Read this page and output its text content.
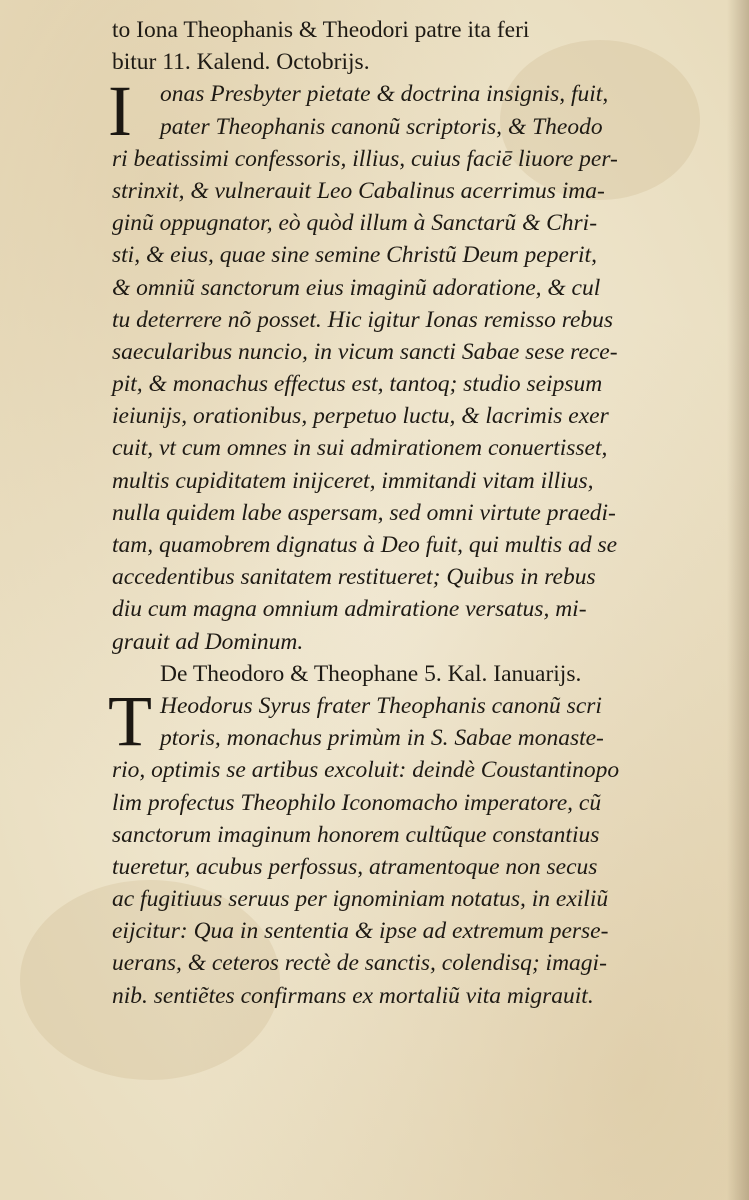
to Iona Theophanis & Theodori patre ita feri
bitur 11. Kalend. Octobrijs.
I	onas Presbyter pietate & doctrina insignis, fuit,
pater Theophanis canonũ scriptoris, & Theodo
ri beatissimi confessoris, illius, cuius faciē liuore per-
strinxit, & vulnerauit Leo Cabalinus acerrimus ima-
ginũ oppugnator, eò quòd illum à Sanctarũ & Chri-
sti, & eius, quae sine semine Christũ Deum peperit,
& omniũ sanctorum eius imaginũ adoratione, & cul
tu deterrere nõ posset. Hic igitur Ionas remisso rebus
saecularibus nuncio, in vicum sancti Sabae sese rece-
pit, & monachus effectus est, tantoq; studio seipsum
ieiunijs, orationibus, perpetuo luctu, & lacrimis exer
cuit, vt cum omnes in sui admirationem conuertisset,
multis cupiditatem inijceret, immitandi vitam illius,
nulla quidem labe aspersam, sed omni virtute praedi-
tam, quamobrem dignatus à Deo fuit, qui multis ad se
accedentibus sanitatem restitueret; Quibus in rebus
diu cum magna omnium admiratione versatus, mi-
grauit ad Dominum.
De Theodoro & Theophane 5. Kal. Ianuarijs.
T Heodorus Syrus frater Theophanis canonũ scri
ptoris, monachus primùm in S. Sabae monaste-
rio, optimis se artibus excoluit: deindè Coustantinopo
lim profectus Theophilo Iconomacho imperatore, cũ
sanctorum imaginum honorem cultũque constantius
tueretur, acubus perfossus, atramentoque non secus
ac fugitiuus seruus per ignominiam notatus, in exiliũ
eijcitur: Qua in sententia & ipse ad extremum perse-
uerans, & ceteros rectè de sanctis, colendisq; imagi-
nib. sentiẽtes confirmans ex mortaliũ vita migrauit.
